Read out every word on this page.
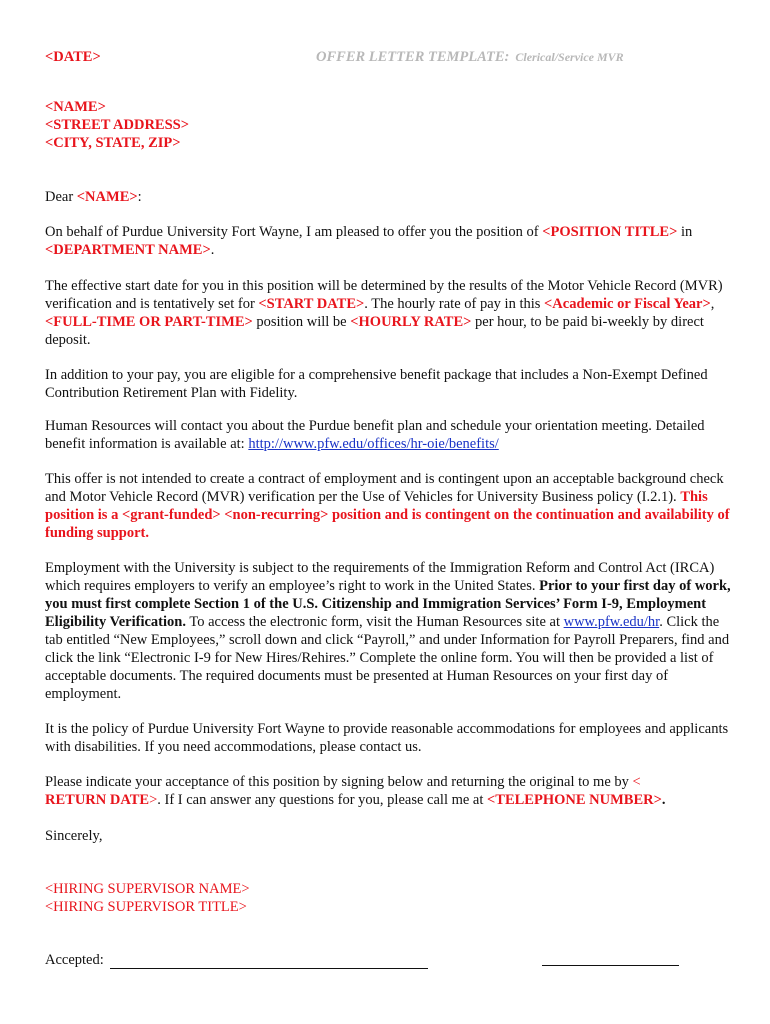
<DATE>	OFFER LETTER TEMPLATE: Clerical/Service MVR
<NAME>
<STREET ADDRESS>
<CITY, STATE, ZIP>

Dear <NAME>:

On behalf of Purdue University Fort Wayne, I am pleased to offer you the position of <POSITION TITLE> in <DEPARTMENT NAME>.

The effective start date for you in this position will be determined by the results of the Motor Vehicle Record (MVR) verification and is tentatively set for <START DATE>. The hourly rate of pay in this <Academic or Fiscal Year>, <FULL-TIME OR PART-TIME> position will be <HOURLY RATE> per hour, to be paid bi-weekly by direct deposit.

In addition to your pay, you are eligible for a comprehensive benefit package that includes a Non-Exempt Defined Contribution Retirement Plan with Fidelity.

Human Resources will contact you about the Purdue benefit plan and schedule your orientation meeting. Detailed benefit information is available at: http://www.pfw.edu/offices/hr-oie/benefits/

This offer is not intended to create a contract of employment and is contingent upon an acceptable background check and Motor Vehicle Record (MVR) verification per the Use of Vehicles for University Business policy (I.2.1). This position is a <grant-funded> <non-recurring> position and is contingent on the continuation and availability of funding support.

Employment with the University is subject to the requirements of the Immigration Reform and Control Act (IRCA) which requires employers to verify an employee’s right to work in the United States. Prior to your first day of work, you must first complete Section 1 of the U.S. Citizenship and Immigration Services’ Form I-9, Employment Eligibility Verification. To access the electronic form, visit the Human Resources site at www.pfw.edu/hr. Click the tab entitled “New Employees,” scroll down and click “Payroll,” and under Information for Payroll Preparers, find and click the link “Electronic I-9 for New Hires/Rehires.” Complete the online form. You will then be provided a list of acceptable documents. The required documents must be presented at Human Resources on your first day of employment.

It is the policy of Purdue University Fort Wayne to provide reasonable accommodations for employees and applicants with disabilities. If you need accommodations, please contact us.

Please indicate your acceptance of this position by signing below and returning the original to me by <
RETURN DATE>. If I can answer any questions for you, please call me at <TELEPHONE NUMBER>.

Sincerely,

<HIRING SUPERVISOR NAME>
<HIRING SUPERVISOR TITLE>
Accepted:
